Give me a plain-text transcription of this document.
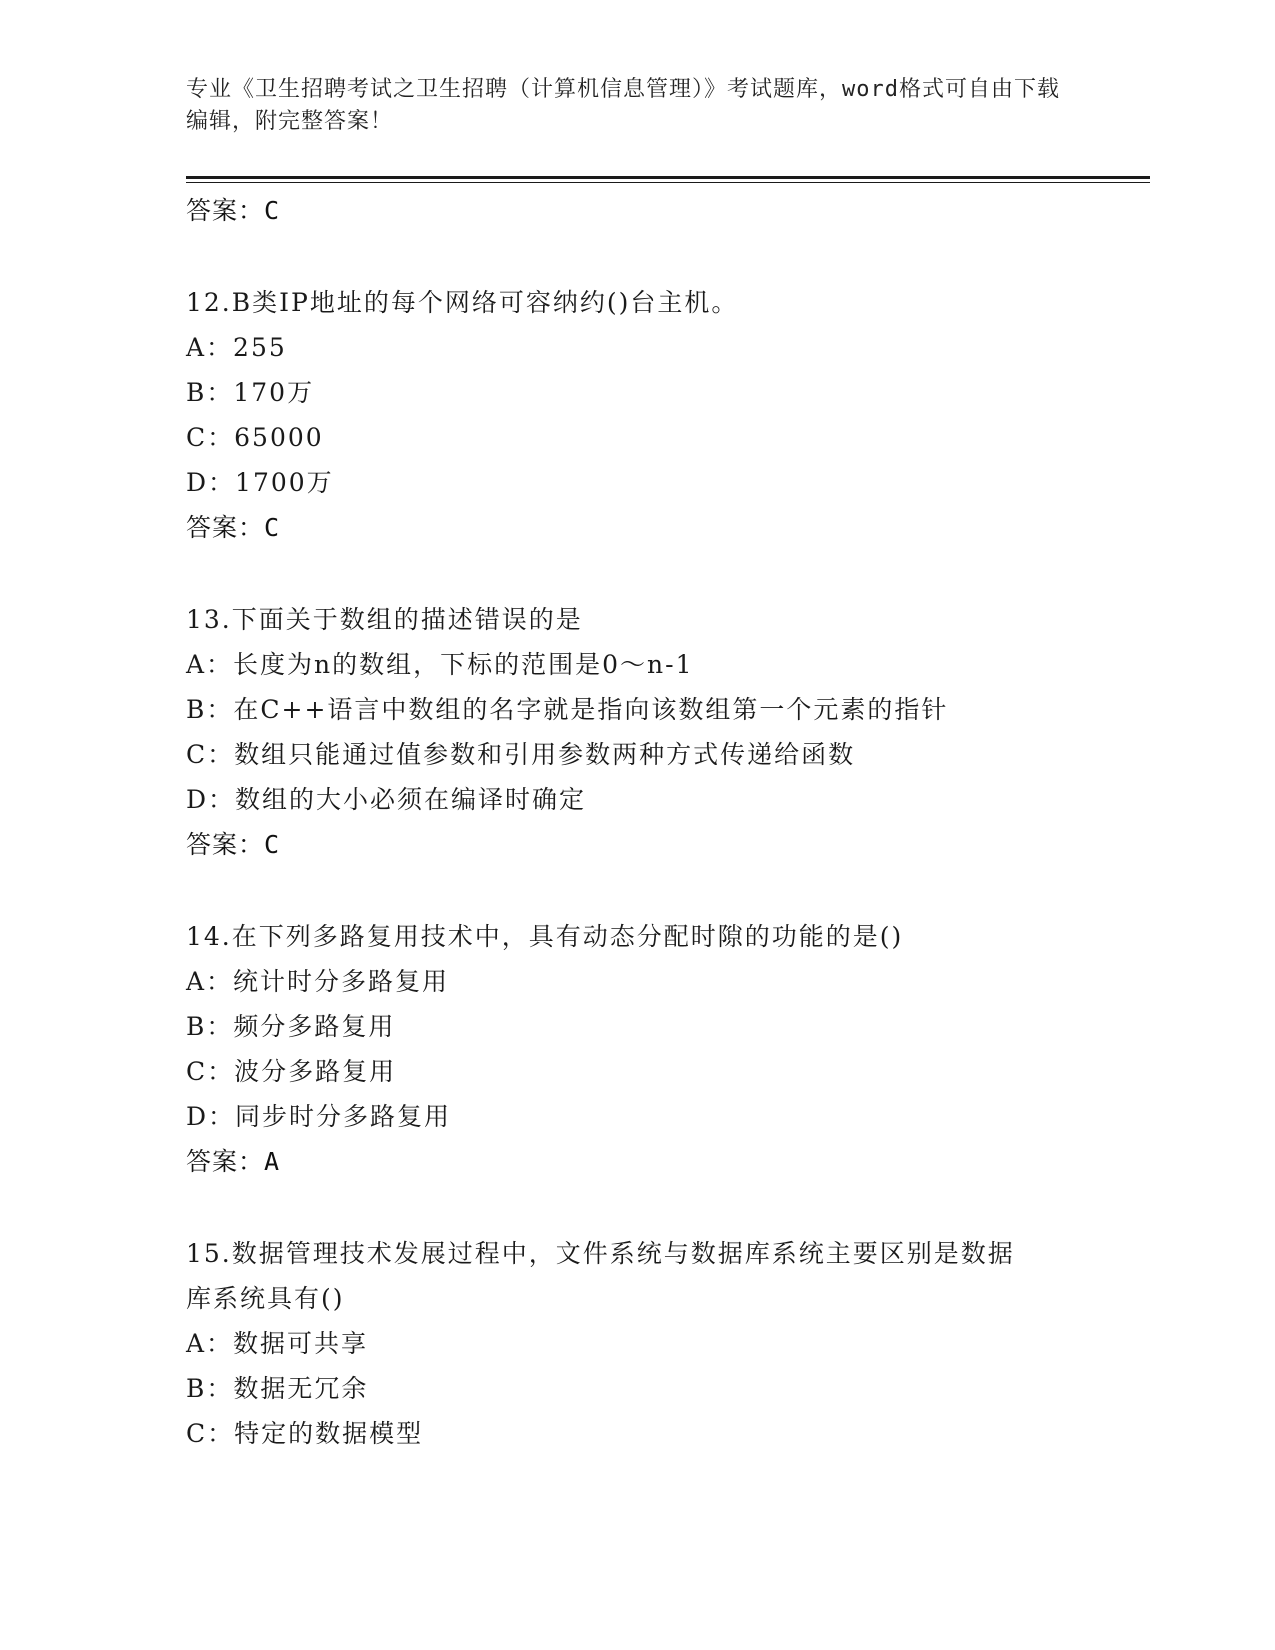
专业《卫生招聘考试之卫生招聘（计算机信息管理）》考试题库，word格式可自由下载编辑，附完整答案！
答案：C
12.B类IP地址的每个网络可容纳约()台主机。
A：255
B：170万
C：65000
D：1700万
答案：C
13.下面关于数组的描述错误的是
A：长度为n的数组，下标的范围是0～n-1
B：在C++语言中数组的名字就是指向该数组第一个元素的指针
C：数组只能通过值参数和引用参数两种方式传递给函数
D：数组的大小必须在编译时确定
答案：C
14.在下列多路复用技术中，具有动态分配时隙的功能的是()
A：统计时分多路复用
B：频分多路复用
C：波分多路复用
D：同步时分多路复用
答案：A
15.数据管理技术发展过程中，文件系统与数据库系统主要区别是数据
库系统具有()
A：数据可共享
B：数据无冗余
C：特定的数据模型
